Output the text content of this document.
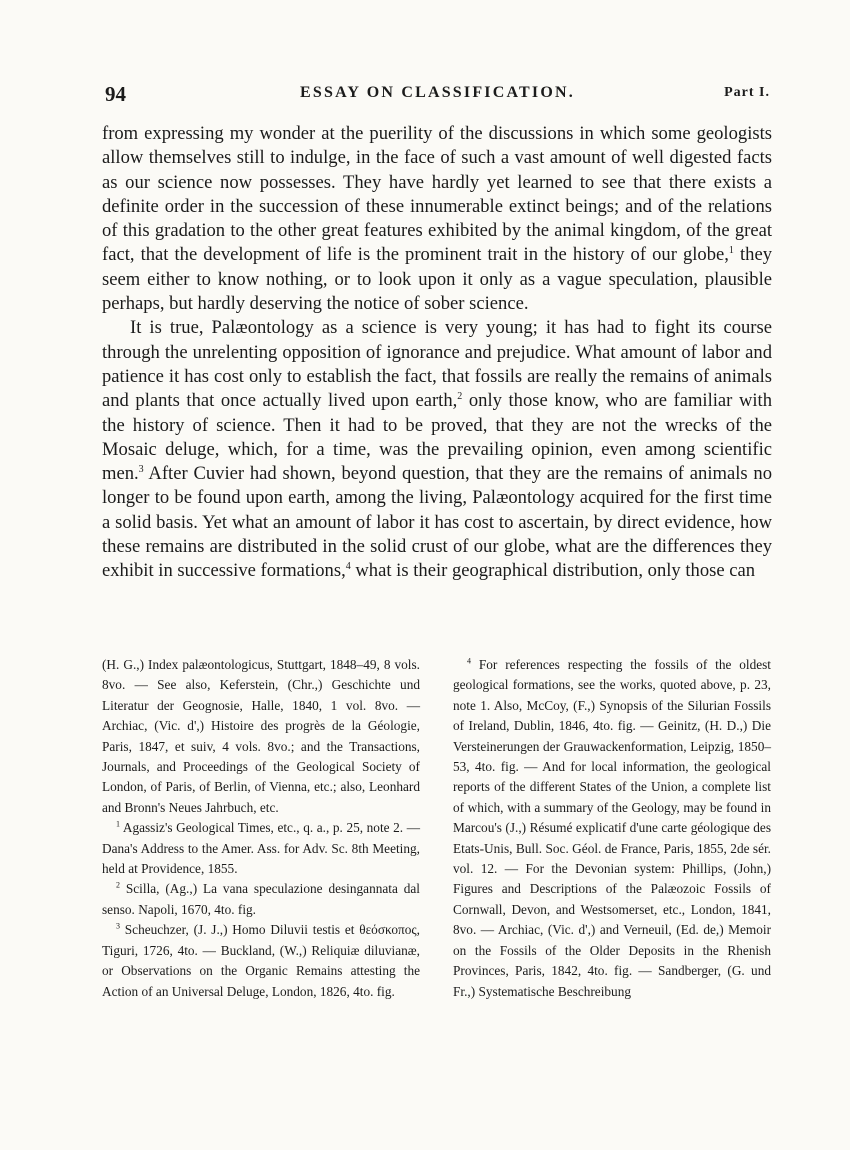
94	ESSAY ON CLASSIFICATION.	Part I.

from expressing my wonder at the puerility of the discussions in which some geologists allow themselves still to indulge, in the face of such a vast amount of well digested facts as our science now possesses. They have hardly yet learned to see that there exists a definite order in the succession of these innumerable extinct beings; and of the relations of this gradation to the other great features exhibited by the animal kingdom, of the great fact, that the development of life is the prominent trait in the history of our globe,$^1$ they seem either to know nothing, or to look upon it only as a vague speculation, plausible perhaps, but hardly deserving the notice of sober science.

It is true, Palæontology as a science is very young; it has had to fight its course through the unrelenting opposition of ignorance and prejudice. What amount of labor and patience it has cost only to establish the fact, that fossils are really the remains of animals and plants that once actually lived upon earth,$^2$ only those know, who are familiar with the history of science. Then it had to be proved, that they are not the wrecks of the Mosaic deluge, which, for a time, was the prevailing opinion, even among scientific men.$^3$ After Cuvier had shown, beyond question, that they are the remains of animals no longer to be found upon earth, among the living, Palæontology acquired for the first time a solid basis. Yet what an amount of labor it has cost to ascertain, by direct evidence, how these remains are distributed in the solid crust of our globe, what are the differences they exhibit in successive formations,$^4$ what is their geographical distribution, only those can

(H. G.,) Index palæontologicus, Stuttgart, 1848–49, 8 vols. 8vo. — See also, Keferstein, (Chr.,) Geschichte und Literatur der Geognosie, Halle, 1840, 1 vol. 8vo. — Archiac, (Vic. d',) Histoire des progrès de la Géologie, Paris, 1847, et suiv, 4 vols. 8vo.; and the Transactions, Journals, and Proceedings of the Geological Society of London, of Paris, of Berlin, of Vienna, etc.; also, Leonhard and Bronn's Neues Jahrbuch, etc.

$^1$ Agassiz's Geological Times, etc., q. a., p. 25, note 2. — Dana's Address to the Amer. Ass. for Adv. Sc. 8th Meeting, held at Providence, 1855.

$^2$ Scilla, (Ag.,) La vana speculazione desingannata dal senso. Napoli, 1670, 4to. fig.

$^3$ Scheuchzer, (J. J.,) Homo Diluvii testis et θεόσκοπος, Tiguri, 1726, 4to. — Buckland, (W.,) Reliquiæ diluvianæ, or Observations on the Organic Remains attesting the Action of an Universal Deluge, London, 1826, 4to. fig.

$^4$ For references respecting the fossils of the oldest geological formations, see the works, quoted above, p. 23, note 1. Also, McCoy, (F.,) Synopsis of the Silurian Fossils of Ireland, Dublin, 1846, 4to. fig. — Geinitz, (H. D.,) Die Versteinerungen der Grauwackenformation, Leipzig, 1850–53, 4to. fig. — And for local information, the geological reports of the different States of the Union, a complete list of which, with a summary of the Geology, may be found in Marcou's (J.,) Résumé explicatif d'une carte géologique des Etats-Unis, Bull. Soc. Géol. de France, Paris, 1855, 2de sér. vol. 12. — For the Devonian system: Phillips, (John,) Figures and Descriptions of the Palæozoic Fossils of Cornwall, Devon, and Westsomerset, etc., London, 1841, 8vo. — Archiac, (Vic. d',) and Verneuil, (Ed. de,) Memoir on the Fossils of the Older Deposits in the Rhenish Provinces, Paris, 1842, 4to. fig. — Sandberger, (G. und Fr.,) Systematische Beschreibung
